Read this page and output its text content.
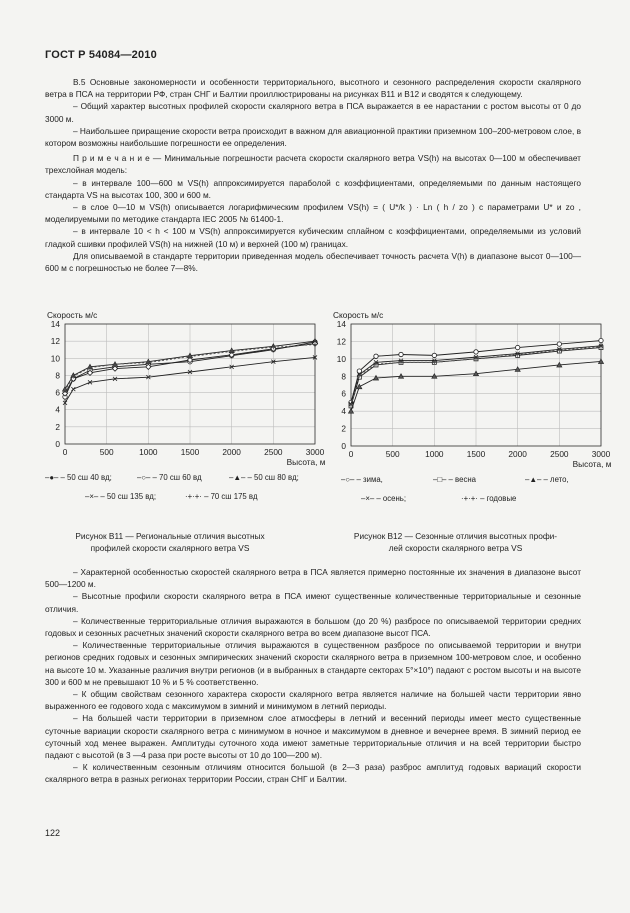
ГОСТ Р 54084—2010

В.5 Основные закономерности и особенности территориального, высотного и сезонного распределения скорости скалярного ветра в ПСА на территории РФ, стран СНГ и Балтии проиллюстрированы на рисунках В11 и В12 и сводятся к следующему.

– Общий характер высотных профилей скорости скалярного ветра в ПСА выражается в ее нарастании с ростом высоты от 0 до 3000 м.

– Наибольшее приращение скорости ветра происходит в важном для авиационной практики приземном 100–200-метровом слое, в котором возможны наибольшие погрешности ее определения.

П р и м е ч а н и е — Минимальные погрешности расчета скорости скалярного ветра VS(h) на высотах 0—100 м обеспечивает трехслойная модель:

– в интервале 100—600 м VS(h) аппроксимируется параболой с коэффициентами, определяемыми по данным настоящего стандарта VS на высотах 100, 300 и 600 м.

– в слое 0—10 м VS(h) описывается логарифмическим профилем VS(h) = ( U*/k ) · Ln ( h / zo ) с параметрами U* и zo , моделируемыми по методике стандарта IEC 2005 № 61400-1.

– в интервале 10 < h < 100 м VS(h) аппроксимируется кубическим сплайном с коэффициентами, определяемыми из условий гладкой сшивки профилей VS(h) на нижней (10 м) и верхней (100 м) границах.

Для описываемой в стандарте территории приведенная модель обеспечивает точность расчета V(h) в диапазоне высот 0—100—600 м с погрешностью не более 7—8%.

Скорость м/с
0
2
4
6
8
10
12
14
0	500	1000	1500	2000	2500	3000
Высота, м
–●– – 50 сш 40 вд;	–○– – 70 сш 60 вд	–▲– – 50 сш 80 вд;
–×– – 50 сш 135 вд;	·+·+· – 70 сш 175 вд
Скорость м/с
0
2
4
6
8
10
12
14
0	500	1000	1500	2000	2500	3000
Высота, м
–○– – зима,	–□– – весна	–▲– – лето,
–×– – осень;	·+·+· – годовые
Рисунок В11 — Региональные отличия высотных
профилей скорости скалярного ветра VS
Рисунок В12 — Сезонные отличия высотных профи-
лей скорости скалярного ветра VS

– Характерной особенностью скоростей скалярного ветра в ПСА является примерно постоянные их значения в диапазоне высот 500—1200 м.

– Высотные профили скорости скалярного ветра в ПСА имеют существенные количественные территориальные и сезонные отличия.

– Количественные территориальные отличия выражаются в большом (до 20 %) разбросе по описываемой территории средних годовых и сезонных расчетных значений скорости скалярного ветра во всем диапазоне высот ПСА.

– Количественные территориальные отличия выражаются в существенном разбросе по описываемой территории и внутри регионов средних годовых и сезонных эмпирических значений скорости скалярного ветра в приземном 100-метровом слое, и особенно на высоте 10 м. Указанные различия внутри регионов (и в выбранных в стандарте секторах 5°×10°) падают с ростом высоты и на высоте 300 и 600 м не превышают 10 % и 5 % соответственно.

– К общим свойствам сезонного характера скорости скалярного ветра является наличие на большей части территории явно выраженного ее годового хода с максимумом в зимний и минимумом в летний периоды.

– На большей части территории в приземном слое атмосферы в летний и весенний периоды имеет место существенные суточные вариации скорости скалярного ветра с минимумом в ночное и максимумом в дневное и вечернее время. В зимний период ее суточный ход менее выражен. Амплитуды суточного хода имеют заметные территориальные отличия и на всей территории быстро падают с высотой (в 3 —4 раза при росте высоты от 10 до 100—200 м).

– К количественным сезонным отличиям относится большой (в 2—3 раза) разброс амплитуд годовых вариаций скорости скалярного ветра в разных регионах территории России, стран СНГ и Балтии.

122
